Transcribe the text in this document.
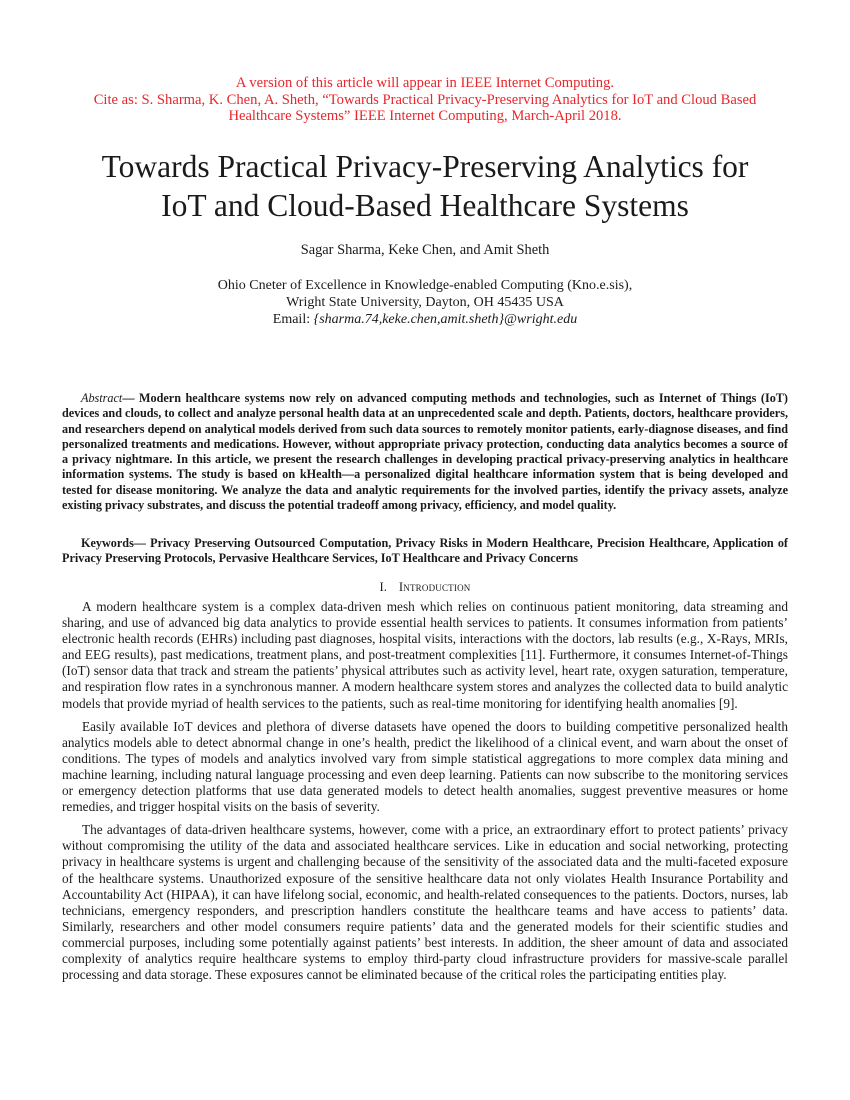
A version of this article will appear in IEEE Internet Computing.
Cite as: S. Sharma, K. Chen, A. Sheth, “Towards Practical Privacy-Preserving Analytics for IoT and Cloud Based
Healthcare Systems” IEEE Internet Computing, March-April 2018.
Towards Practical Privacy-Preserving Analytics for
IoT and Cloud-Based Healthcare Systems
Sagar Sharma, Keke Chen, and Amit Sheth
Ohio Cneter of Excellence in Knowledge-enabled Computing (Kno.e.sis),
Wright State University, Dayton, OH 45435 USA
Email: {sharma.74,keke.chen,amit.sheth}@wright.edu

Abstract— Modern healthcare systems now rely on advanced computing methods and technologies, such as Internet of Things (IoT) devices and clouds, to collect and analyze personal health data at an unprecedented scale and depth. Patients, doctors, healthcare providers, and researchers depend on analytical models derived from such data sources to remotely monitor patients, early-diagnose diseases, and find personalized treatments and medications. However, without appropriate privacy protection, conducting data analytics becomes a source of a privacy nightmare. In this article, we present the research challenges in developing practical privacy-preserving analytics in healthcare information systems. The study is based on kHealth—a personalized digital healthcare information system that is being developed and tested for disease monitoring. We analyze the data and analytic requirements for the involved parties, identify the privacy assets, analyze existing privacy substrates, and discuss the potential tradeoff among privacy, efficiency, and model quality.

Keywords— Privacy Preserving Outsourced Computation, Privacy Risks in Modern Healthcare, Precision Healthcare, Application of Privacy Preserving Protocols, Pervasive Healthcare Services, IoT Healthcare and Privacy Concerns

I. Introduction

A modern healthcare system is a complex data-driven mesh which relies on continuous patient monitoring, data streaming and sharing, and use of advanced big data analytics to provide essential health services to patients. It consumes information from patients’ electronic health records (EHRs) including past diagnoses, hospital visits, interactions with the doctors, lab results (e.g., X-Rays, MRIs, and EEG results), past medications, treatment plans, and post-treatment complexities [11]. Furthermore, it consumes Internet-of-Things (IoT) sensor data that track and stream the patients’ physical attributes such as activity level, heart rate, oxygen saturation, temperature, and respiration flow rates in a synchronous manner. A modern healthcare system stores and analyzes the collected data to build analytic models that provide myriad of health services to the patients, such as real-time monitoring for identifying health anomalies [9].

Easily available IoT devices and plethora of diverse datasets have opened the doors to building competitive personalized health analytics models able to detect abnormal change in one’s health, predict the likelihood of a clinical event, and warn about the onset of conditions. The types of models and analytics involved vary from simple statistical aggregations to more complex data mining and machine learning, including natural language processing and even deep learning. Patients can now subscribe to the monitoring services or emergency detection platforms that use data generated models to detect health anomalies, suggest preventive measures or home remedies, and trigger hospital visits on the basis of severity.

The advantages of data-driven healthcare systems, however, come with a price, an extraordinary effort to protect patients’ privacy without compromising the utility of the data and associated healthcare services. Like in education and social networking, protecting privacy in healthcare systems is urgent and challenging because of the sensitivity of the associated data and the multi-faceted exposure of the healthcare systems. Unauthorized exposure of the sensitive healthcare data not only violates Health Insurance Portability and Accountability Act (HIPAA), it can have lifelong social, economic, and health-related consequences to the patients. Doctors, nurses, lab technicians, emergency responders, and prescription handlers constitute the healthcare teams and have access to patients’ data. Similarly, researchers and other model consumers require patients’ data and the generated models for their scientific studies and commercial purposes, including some potentially against patients’ best interests. In addition, the sheer amount of data and associated complexity of analytics require healthcare systems to employ third-party cloud infrastructure providers for massive-scale parallel processing and data storage. These exposures cannot be eliminated because of the critical roles the participating entities play.
